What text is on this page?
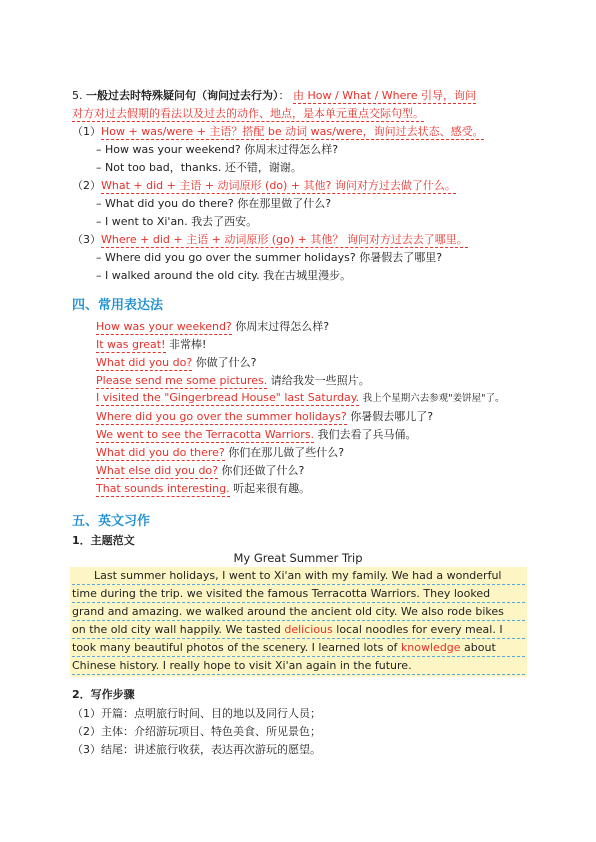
5. 一般过去时特殊疑问句（询问过去行为）： 由 How / What / Where 引导，询问
对方对过去假期的看法以及过去的动作、地点，是本单元重点交际句型。
（1）How + was/were + 主语？搭配 be 动词 was/were，询问过去状态、感受。
– How was your weekend? 你周末过得怎么样?
– Not too bad，thanks. 还不错，谢谢。
（2）What + did + 主语 + 动词原形 (do) + 其他? 询问对方过去做了什么。
– What did you do there? 你在那里做了什么?
– I went to Xi'an. 我去了西安。
（3）Where + did + 主语 + 动词原形 (go) + 其他？ 询问对方过去去了哪里。
– Where did you go over the summer holidays? 你暑假去了哪里?
– I walked around the old city. 我在古城里漫步。
四、常用表达法
How was your weekend? 你周末过得怎么样?
It was great! 非常棒!
What did you do? 你做了什么?
Please send me some pictures. 请给我发一些照片。
I visited the "Gingerbread House" last Saturday. 我上个星期六去参观"姜饼屋"了。
Where did you go over the summer holidays? 你暑假去哪儿了?
We went to see the Terracotta Warriors. 我们去看了兵马俑。
What did you do there? 你们在那儿做了些什么?
What else did you do? 你们还做了什么?
That sounds interesting. 听起来很有趣。
五、英文习作
1．主题范文
My Great Summer Trip
Last summer holidays, I went to Xi'an with my family. We had a wonderful
time during the trip. we visited the famous Terracotta Warriors. They looked
grand and amazing. we walked around the ancient old city. We also rode bikes
on the old city wall happily. We tasted delicious local noodles for every meal. I
took many beautiful photos of the scenery. I learned lots of knowledge about
Chinese history. I really hope to visit Xi'an again in the future.
2．写作步骤
（1）开篇：点明旅行时间、目的地以及同行人员；
（2）主体：介绍游玩项目、特色美食、所见景色；
（3）结尾：讲述旅行收获，表达再次游玩的愿望。
